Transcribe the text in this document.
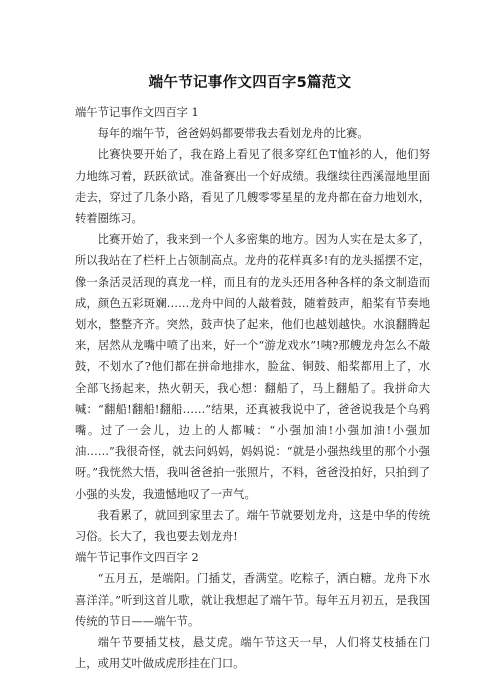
端午节记事作文四百字5篇范文

端午节记事作文四百字 1

每年的端午节，爸爸妈妈都要带我去看划龙舟的比赛。

比赛快要开始了，我在路上看见了很多穿红色T恤衫的人，他们努力地练习着，跃跃欲试。准备赛出一个好成绩。我继续往西溪湿地里面走去，穿过了几条小路，看见了几艘零零星星的龙舟都在奋力地划水，转着圈练习。

比赛开始了，我来到一个人多密集的地方。因为人实在是太多了，所以我站在了栏杆上占领制高点。龙舟的花样真多!有的龙头摇摆不定，像一条活灵活现的真龙一样，而且有的龙头还用各种各样的条文制造而成，颜色五彩斑斓……龙舟中间的人敲着鼓，随着鼓声，船桨有节奏地划水，整整齐齐。突然，鼓声快了起来，他们也越划越快。水浪翻腾起来，居然从龙嘴中喷了出来，好一个“游龙戏水”!咦?那艘龙舟怎么不敲鼓，不划水了?他们都在拼命地排水，脸盆、铜鼓、船桨都用上了，水全部飞扬起来，热火朝天，我心想：翻船了，马上翻船了。我拼命大喊：“翻船!翻船!翻船……”结果，还真被我说中了，爸爸说我是个乌鸦嘴。过了一会儿，边上的人都喊：“小强加油!小强加油!小强加油……”我很奇怪，就去问妈妈，妈妈说：“就是小强热线里的那个小强呀。”我恍然大悟，我叫爸爸拍一张照片，不料，爸爸没拍好，只拍到了小强的头发，我遗憾地叹了一声气。

我看累了，就回到家里去了。端午节就要划龙舟，这是中华的传统习俗。长大了，我也要去划龙舟!

端午节记事作文四百字 2

“五月五，是端阳。门插艾，香满堂。吃粽子，洒白糖。龙舟下水喜洋洋。”听到这首儿歌，就让我想起了端午节。每年五月初五，是我国传统的节日——端午节。

端午节要插艾枝，悬艾虎。端午节这天一早，人们将艾枝插在门上，或用艾叶做成虎形挂在门口。
